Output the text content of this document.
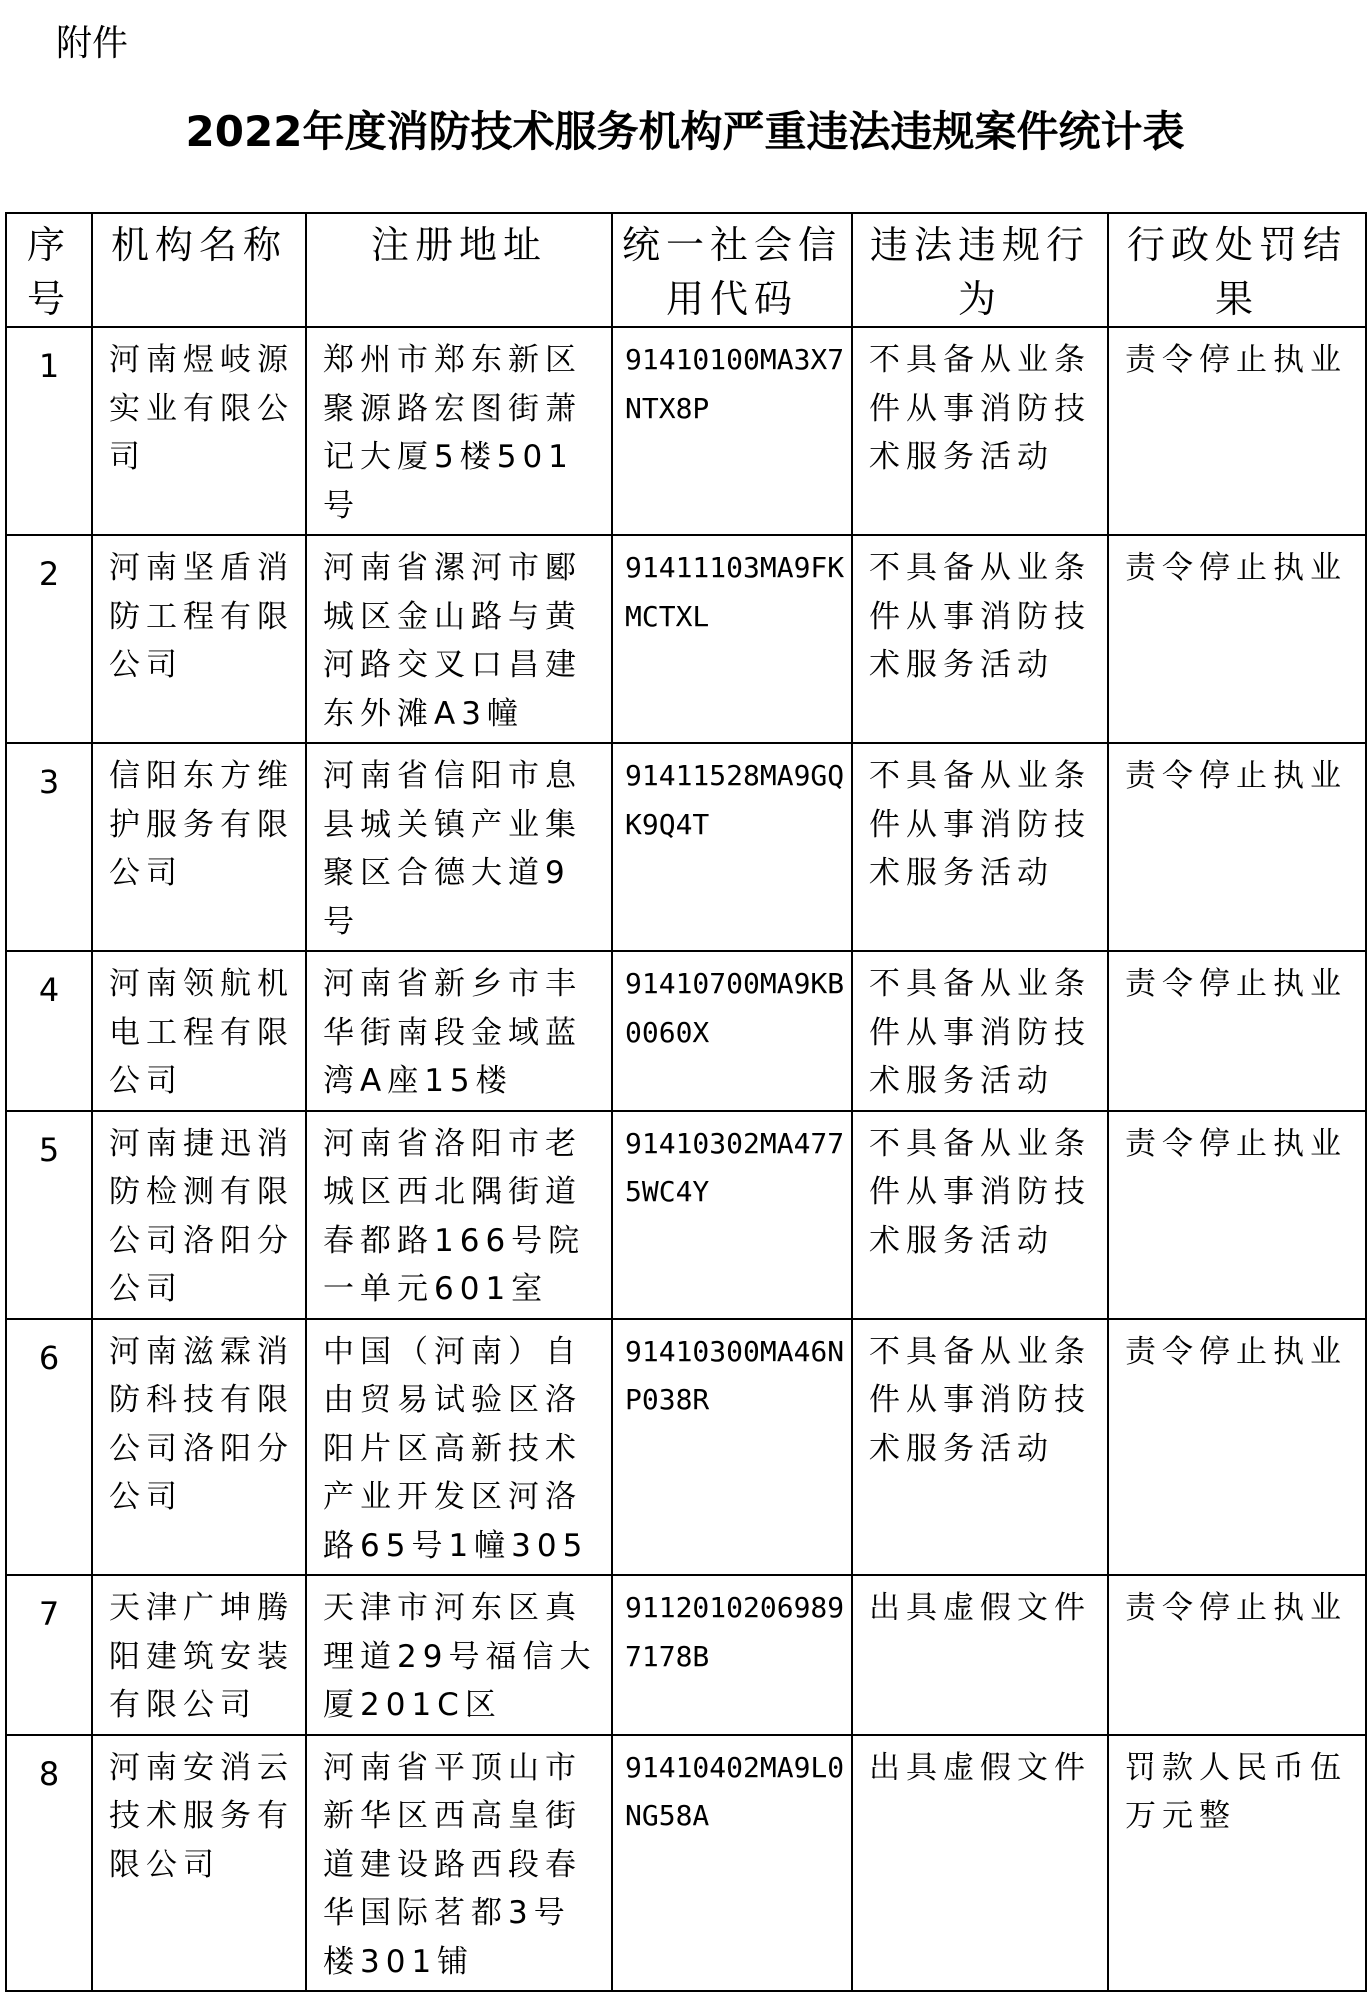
附件
2022年度消防技术服务机构严重违法违规案件统计表
序号	机构名称	注册地址	统一社会信用代码	违法违规行为	行政处罚结果
1	河南煜岐源实业有限公司	郑州市郑东新区聚源路宏图街萧记大厦5楼501号	91410100MA3X7NTX8P	不具备从业条件从事消防技术服务活动	责令停止执业
2	河南坚盾消防工程有限公司	河南省漯河市郾城区金山路与黄河路交叉口昌建东外滩A3幢	91411103MA9FKMCTXL	不具备从业条件从事消防技术服务活动	责令停止执业
3	信阳东方维护服务有限公司	河南省信阳市息县城关镇产业集聚区合德大道9号	91411528MA9GQK9Q4T	不具备从业条件从事消防技术服务活动	责令停止执业
4	河南领航机电工程有限公司	河南省新乡市丰华街南段金域蓝湾A座15楼	91410700MA9KB0060X	不具备从业条件从事消防技术服务活动	责令停止执业
5	河南捷迅消防检测有限公司洛阳分公司	河南省洛阳市老城区西北隅街道春都路166号院一单元601室	91410302MA4775WC4Y	不具备从业条件从事消防技术服务活动	责令停止执业
6	河南滋霖消防科技有限公司洛阳分公司	中国（河南）自由贸易试验区洛阳片区高新技术产业开发区河洛路65号1幢305	91410300MA46NP038R	不具备从业条件从事消防技术服务活动	责令停止执业
7	天津广坤腾阳建筑安装有限公司	天津市河东区真理道29号福信大厦201C区	91120102069897178B	出具虚假文件	责令停止执业
8	河南安消云技术服务有限公司	河南省平顶山市新华区西高皇街道建设路西段春华国际茗都3号楼301铺	91410402MA9L0NG58A	出具虚假文件	罚款人民币伍万元整
